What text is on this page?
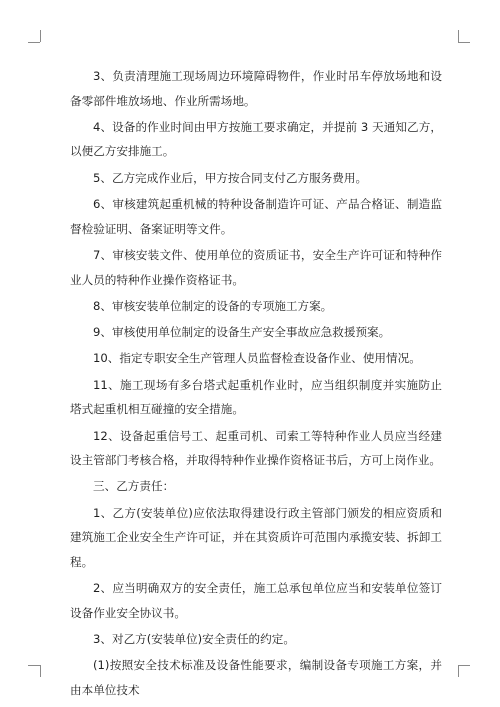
3、负责清理施工现场周边环境障碍物件，作业时吊车停放场地和设备零部件堆放场地、作业所需场地。

4、设备的作业时间由甲方按施工要求确定，并提前 3 天通知乙方，以便乙方安排施工。

5、乙方完成作业后，甲方按合同支付乙方服务费用。

6、审核建筑起重机械的特种设备制造许可证、产品合格证、制造监督检验证明、备案证明等文件。

7、审核安装文件、使用单位的资质证书，安全生产许可证和特种作业人员的特种作业操作资格证书。

8、审核安装单位制定的设备的专项施工方案。

9、审核使用单位制定的设备生产安全事故应急救援预案。

10、指定专职安全生产管理人员监督检查设备作业、使用情况。

11、施工现场有多台塔式起重机作业时，应当组织制度并实施防止塔式起重机相互碰撞的安全措施。

12、设备起重信号工、起重司机、司索工等特种作业人员应当经建设主管部门考核合格，并取得特种作业操作资格证书后，方可上岗作业。

三、乙方责任：

1、乙方(安装单位)应依法取得建设行政主管部门颁发的相应资质和建筑施工企业安全生产许可证，并在其资质许可范围内承揽安装、拆卸工程。

2、应当明确双方的安全责任，施工总承包单位应当和安装单位签订设备作业安全协议书。

3、对乙方(安装单位)安全责任的约定。

(1)按照安全技术标准及设备性能要求，编制设备专项施工方案，并由本单位技术
